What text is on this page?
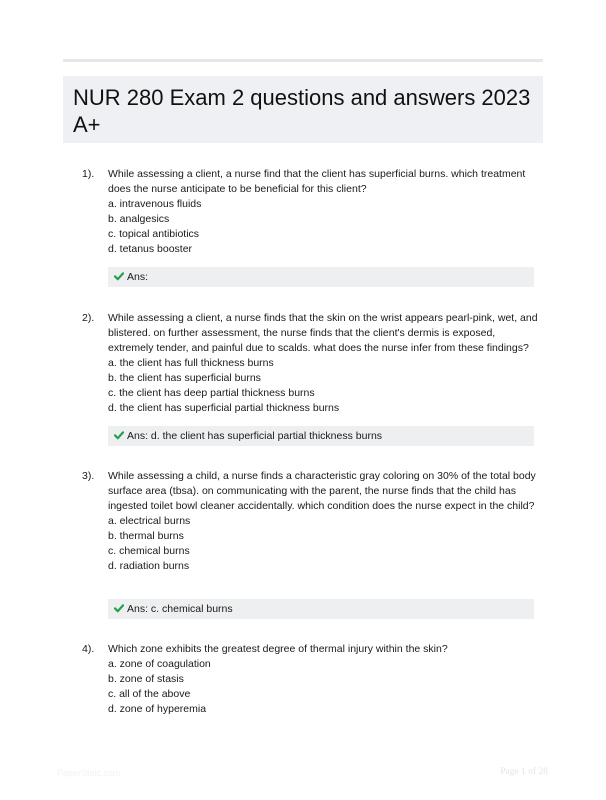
NUR 280 Exam 2 questions and answers 2023 A+
1). While assessing a client, a nurse find that the client has superficial burns. which treatment does the nurse anticipate to be beneficial for this client?

a. intravenous fluids
b. analgesics
c. topical antibiotics
d. tetanus booster
Ans:
2). While assessing a client, a nurse finds that the skin on the wrist appears pearl-pink, wet, and blistered. on further assessment, the nurse finds that the client's dermis is exposed, extremely tender, and painful due to scalds. what does the nurse infer from these findings?

a. the client has full thickness burns
b. the client has superficial burns
c. the client has deep partial thickness burns
d. the client has superficial partial thickness burns
Ans: d. the client has superficial partial thickness burns
3). While assessing a child, a nurse finds a characteristic gray coloring on 30% of the total body surface area (tbsa). on communicating with the parent, the nurse finds that the child has ingested toilet bowl cleaner accidentally. which condition does the nurse expect in the child?

a. electrical burns
b. thermal burns
c. chemical burns
d. radiation burns
Ans: c. chemical burns
4). Which zone exhibits the greatest degree of thermal injury within the skin?

a. zone of coagulation
b. zone of stasis
c. all of the above
d. zone of hyperemia
PaperStoic.com	Page 1 of 28
